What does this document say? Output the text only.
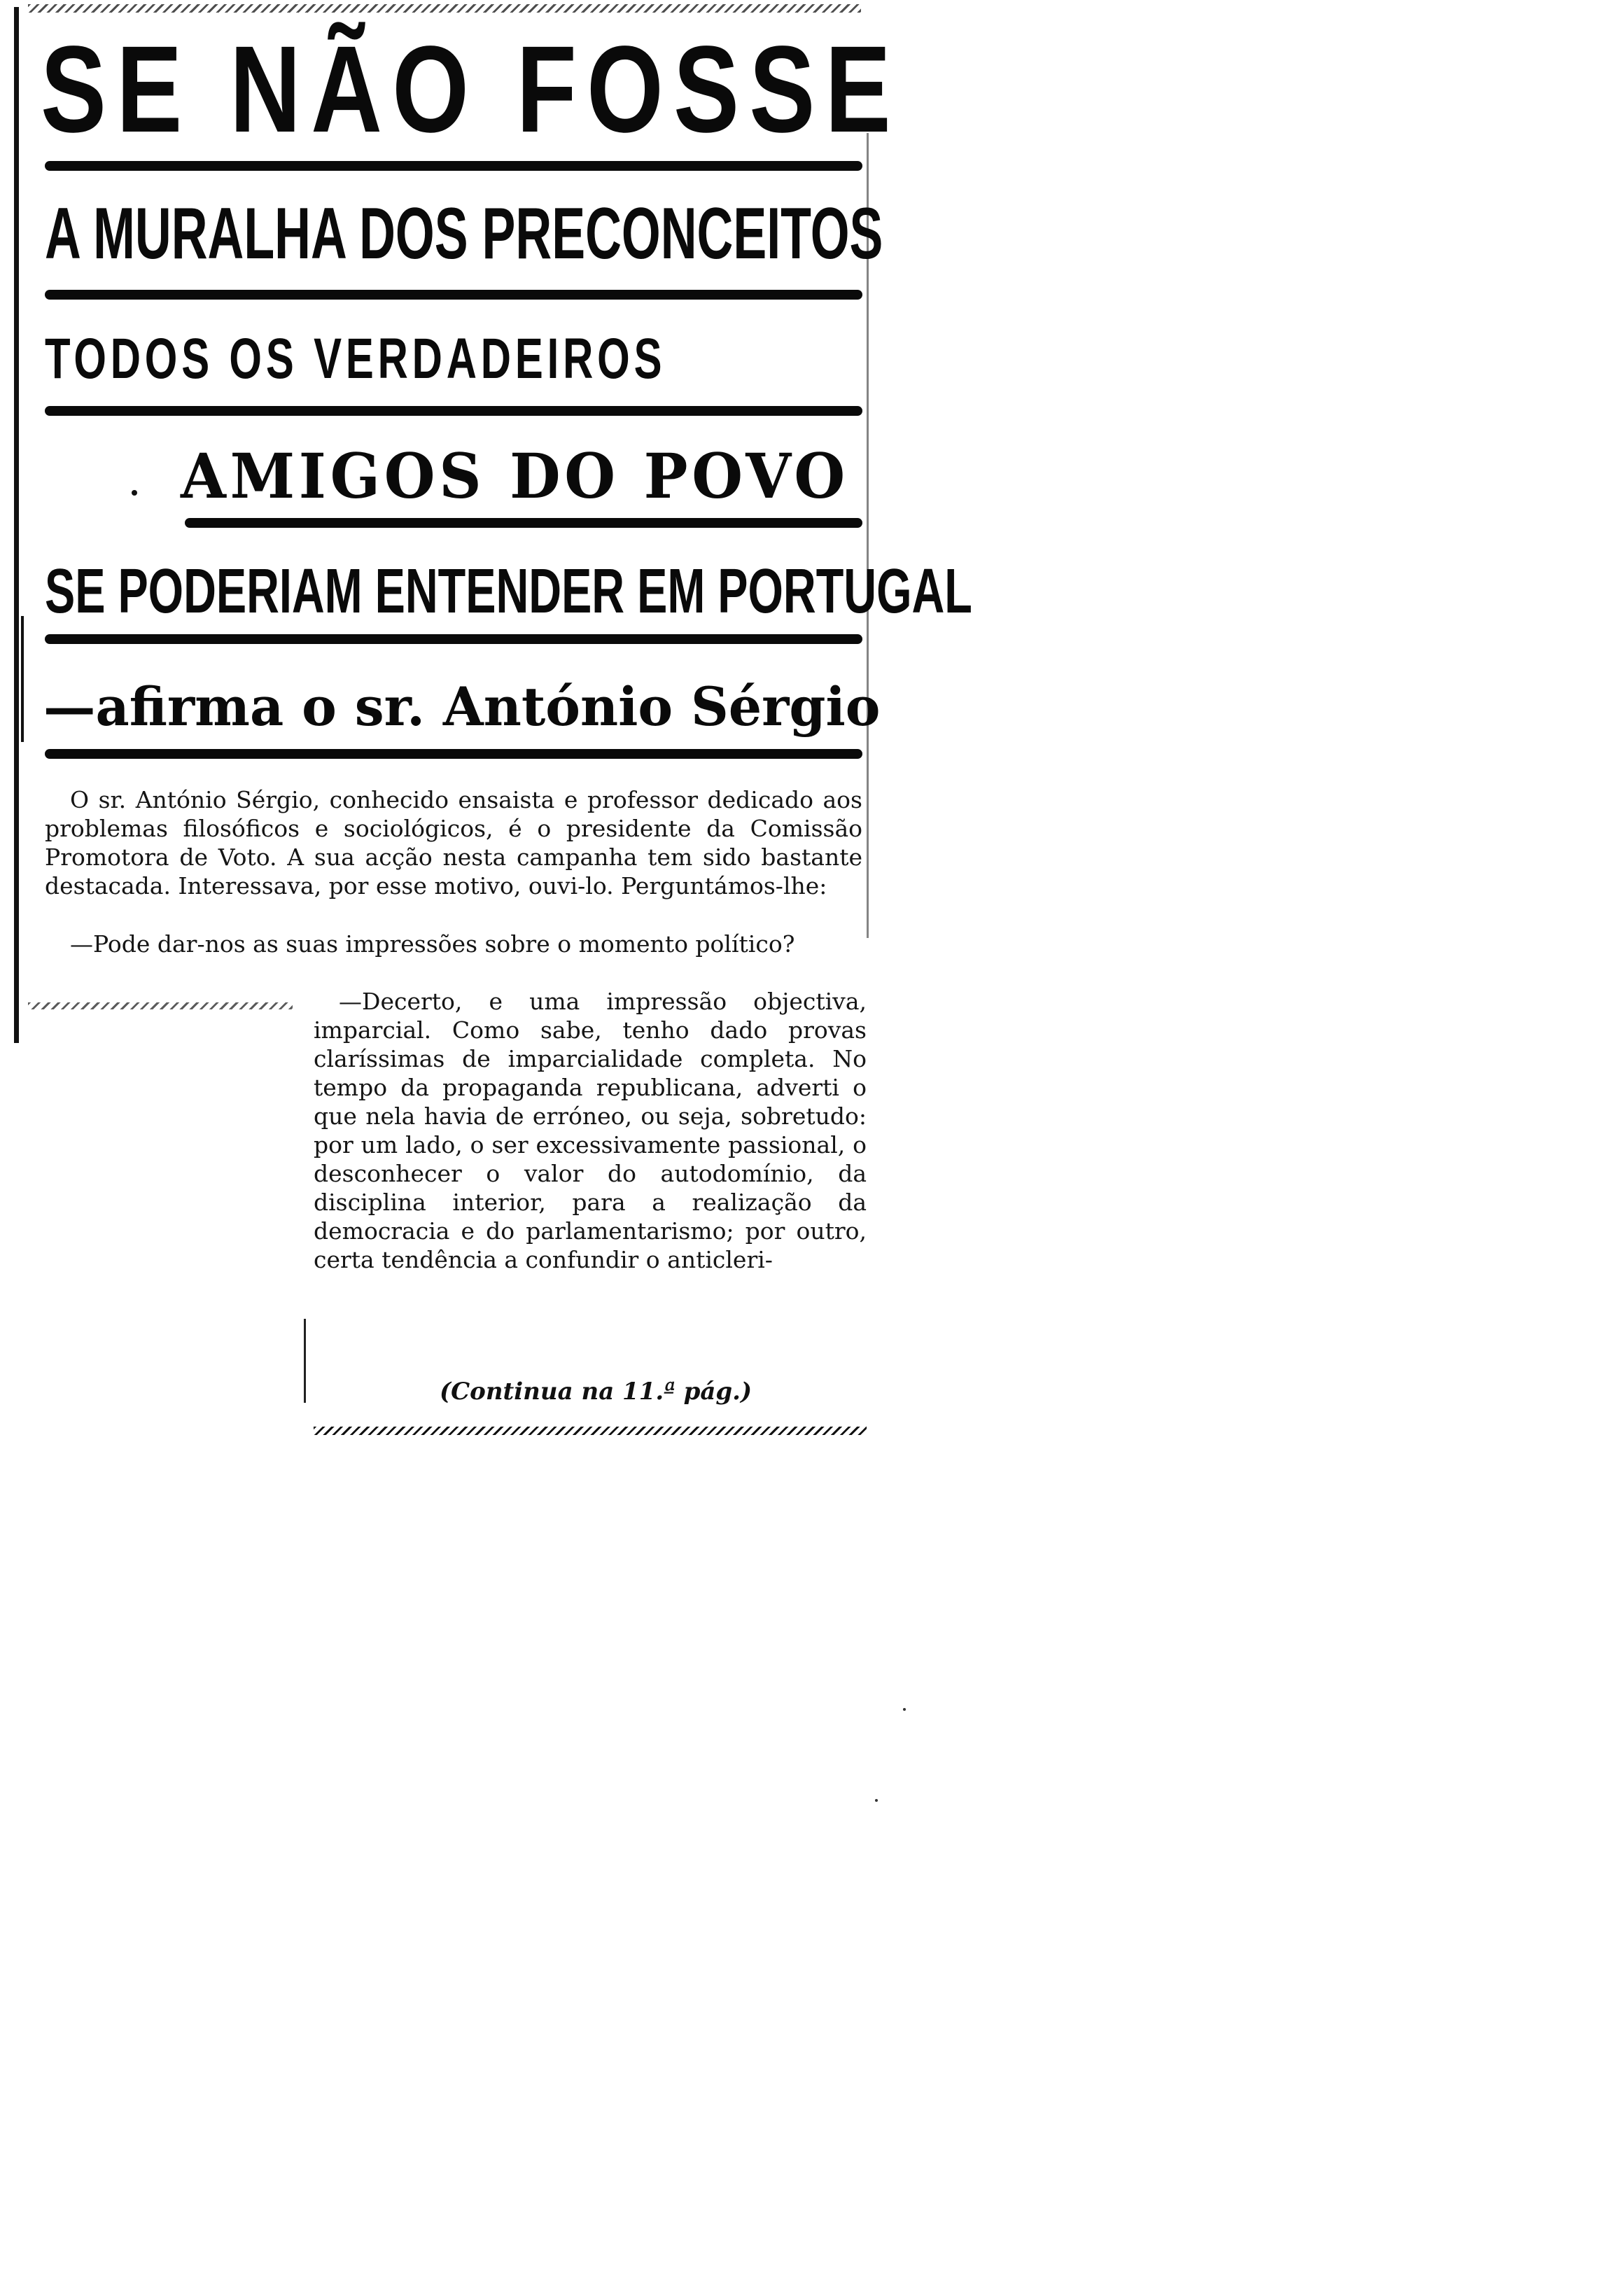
SE NÃO FOSSE
A MURALHA DOS PRECONCEITOS
TODOS OS VERDADEIROS
AMIGOS DO POVO
SE PODERIAM ENTENDER EM PORTUGAL
—afirma o sr. António Sérgio

O sr. António Sérgio, conhecido ensaista e professor dedicado aos problemas filosóficos e sociológicos, é o presidente da Comissão Promotora de Voto. A sua acção nesta campanha tem sido bastante destacada. Interessava, por esse motivo, ouvi-lo. Perguntámos-lhe:

—Pode dar-nos as suas impressões sobre o momento político?

—Decerto, e uma impressão objectiva, imparcial. Como sabe, tenho dado provas claríssimas de imparcialidade completa. No tempo da propaganda republicana, adverti o que nela havia de erróneo, ou seja, sobretudo: por um lado, o ser excessivamente passional, o desconhecer o valor do autodomínio, da disciplina interior, para a realização da democracia e do parlamentarismo; por outro, certa tendência a confundir o anticleri-

(Continua na 11.ª pág.)
